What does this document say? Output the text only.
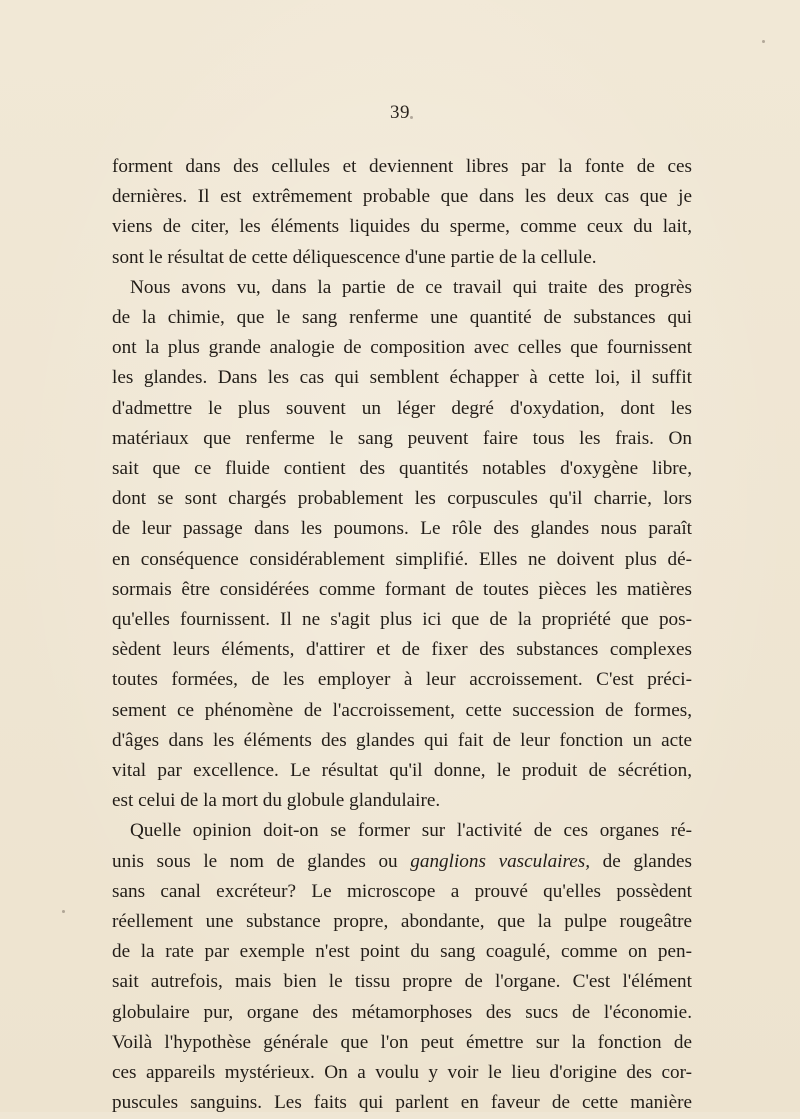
39
forment dans des cellules et deviennent libres par la fonte de ces
dernières. Il est extrêmement probable que dans les deux cas que je
viens de citer, les éléments liquides du sperme, comme ceux du lait,
sont le résultat de cette déliquescence d'une partie de la cellule.
Nous avons vu, dans la partie de ce travail qui traite des progrès
de la chimie, que le sang renferme une quantité de substances qui
ont la plus grande analogie de composition avec celles que fournissent
les glandes. Dans les cas qui semblent échapper à cette loi, il suffit
d'admettre le plus souvent un léger degré d'oxydation, dont les
matériaux que renferme le sang peuvent faire tous les frais. On
sait que ce fluide contient des quantités notables d'oxygène libre,
dont se sont chargés probablement les corpuscules qu'il charrie, lors
de leur passage dans les poumons. Le rôle des glandes nous paraît
en conséquence considérablement simplifié. Elles ne doivent plus dé-
sormais être considérées comme formant de toutes pièces les matières
qu'elles fournissent. Il ne s'agit plus ici que de la propriété que pos-
sèdent leurs éléments, d'attirer et de fixer des substances complexes
toutes formées, de les employer à leur accroissement. C'est préci-
sement ce phénomène de l'accroissement, cette succession de formes,
d'âges dans les éléments des glandes qui fait de leur fonction un acte
vital par excellence. Le résultat qu'il donne, le produit de sécrétion,
est celui de la mort du globule glandulaire.
Quelle opinion doit-on se former sur l'activité de ces organes ré-
unis sous le nom de glandes ou ganglions vasculaires, de glandes
sans canal excréteur? Le microscope a prouvé qu'elles possèdent
réellement une substance propre, abondante, que la pulpe rougeâtre
de la rate par exemple n'est point du sang coagulé, comme on pen-
sait autrefois, mais bien le tissu propre de l'organe. C'est l'élément
globulaire pur, organe des métamorphoses des sucs de l'économie.
Voilà l'hypothèse générale que l'on peut émettre sur la fonction de
ces appareils mystérieux. On a voulu y voir le lieu d'origine des cor-
puscules sanguins. Les faits qui parlent en faveur de cette manière
